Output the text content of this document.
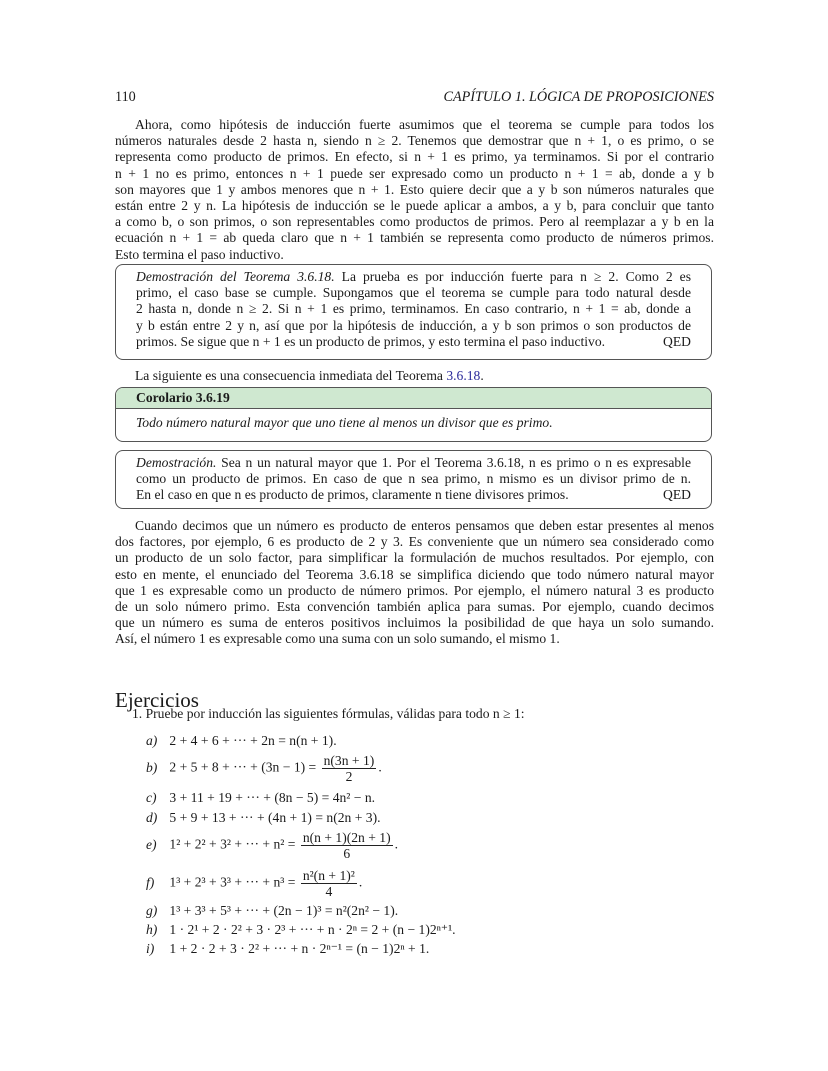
110	CAPÍTULO 1. LÓGICA DE PROPOSICIONES
Ahora, como hipótesis de inducción fuerte asumimos que el teorema se cumple para todos los
números naturales desde 2 hasta n, siendo n ≥ 2. Tenemos que demostrar que n + 1, o es primo, o se
representa como producto de primos. En efecto, si n + 1 es primo, ya terminamos. Si por el contrario
n + 1 no es primo, entonces n + 1 puede ser expresado como un producto n + 1 = ab, donde a y b
son mayores que 1 y ambos menores que n + 1. Esto quiere decir que a y b son números naturales que
están entre 2 y n. La hipótesis de inducción se le puede aplicar a ambos, a y b, para concluir que tanto
a como b, o son primos, o son representables como productos de primos. Pero al reemplazar a y b en la
ecuación n + 1 = ab queda claro que n + 1 también se representa como producto de números primos.
Esto termina el paso inductivo.
Demostración del Teorema 3.6.18. La prueba es por inducción fuerte para n ≥ 2. Como 2 es
primo, el caso base se cumple. Supongamos que el teorema se cumple para todo natural desde
2 hasta n, donde n ≥ 2. Si n + 1 es primo, terminamos. En caso contrario, n + 1 = ab, donde a
y b están entre 2 y n, así que por la hipótesis de inducción, a y b son primos o son productos de
primos. Se sigue que n + 1 es un producto de primos, y esto termina el paso inductivo.	QED
La siguiente es una consecuencia inmediata del Teorema 3.6.18.
Corolario 3.6.19
Todo número natural mayor que uno tiene al menos un divisor que es primo.
Demostración. Sea n un natural mayor que 1. Por el Teorema 3.6.18, n es primo o n es expresable
como un producto de primos. En caso de que n sea primo, n mismo es un divisor primo de n.
En el caso en que n es producto de primos, claramente n tiene divisores primos.	QED
Cuando decimos que un número es producto de enteros pensamos que deben estar presentes al menos
dos factores, por ejemplo, 6 es producto de 2 y 3. Es conveniente que un número sea considerado como
un producto de un solo factor, para simplificar la formulación de muchos resultados. Por ejemplo, con
esto en mente, el enunciado del Teorema 3.6.18 se simplifica diciendo que todo número natural mayor
que 1 es expresable como un producto de número primos. Por ejemplo, el número natural 3 es producto
de un solo número primo. Esta convención también aplica para sumas. Por ejemplo, cuando decimos
que un número es suma de enteros positivos incluimos la posibilidad de que haya un solo sumando.
Así, el número 1 es expresable como una suma con un solo sumando, el mismo 1.
Ejercicios
1. Pruebe por inducción las siguientes fórmulas, válidas para todo n ≥ 1:
a) 2 + 4 + 6 + ··· + 2n = n(n + 1).
b) 2 + 5 + 8 + ··· + $(3n - 1) = \frac{n(3n + 1)}{2}$ .
c) 3 + 11 + 19 + ··· + (8n − 5) = 4n² − n.
d) 5 + 9 + 13 + ··· + (4n + 1) = n(2n + 3).
e) 1² + 2² + 3² + ··· + $n^2 = \frac{n(n + 1)(2n + 1)}{6}$ .
f) 1³ + 2³ + 3³ + ··· + $n^3 = \frac{\text{n²(n + 1)²}}{4}$ .
g) 1³ + 3³ + 5³ + ··· + (2n − 1)³ = n²(2n² − 1).
h) 1 · 2¹ + 2 · 2² + 3 · 2³ + ··· + n · 2ⁿ = 2 + (n − 1)2ⁿ⁺¹.
i) 1 + 2 · 2 + 3 · 2² + ··· + n · 2ⁿ⁻¹ = (n − 1)2ⁿ + 1.
